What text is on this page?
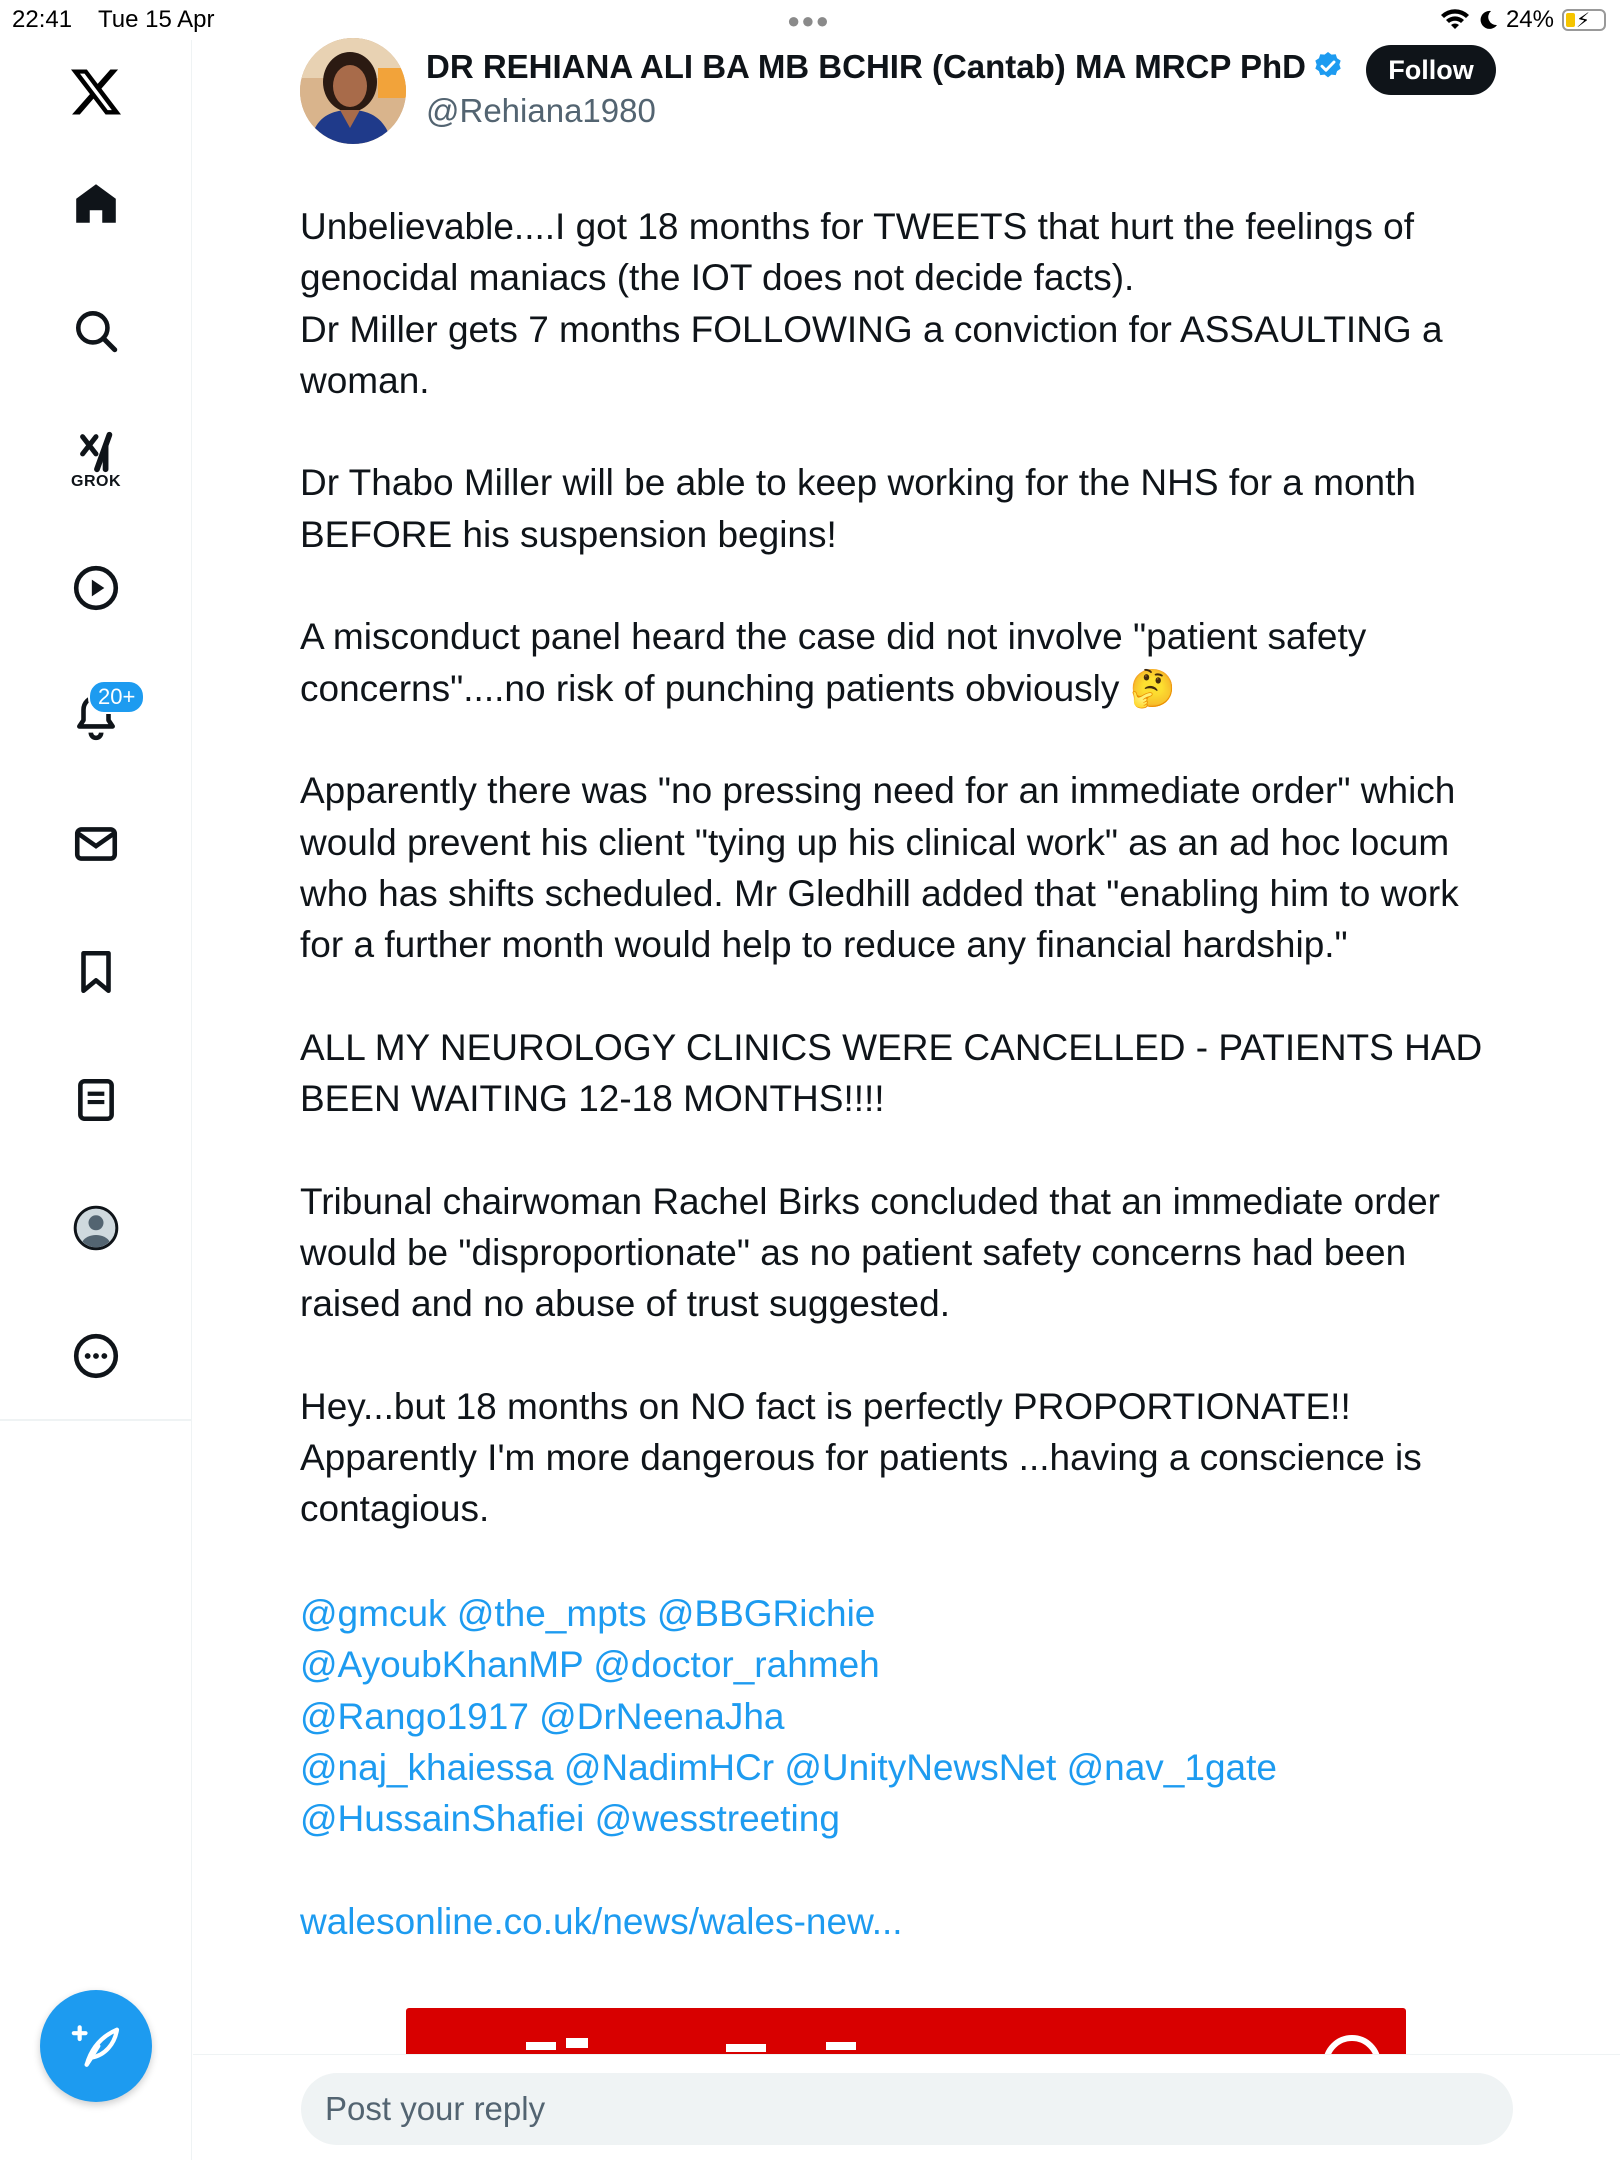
22:41 Tue 15 Apr	●●●	24% ⚡
GROK
20+
DR REHIANA ALI BA MB BCHIR (Cantab) MA MRCP PhD
@Rehiana1980
Follow
Unbelievable....I got 18 months for TWEETS that hurt the feelings of
genocidal maniacs (the IOT does not decide facts).
Dr Miller gets 7 months FOLLOWING a conviction for ASSAULTING a
woman.

Dr Thabo Miller will be able to keep working for the NHS for a month
BEFORE his suspension begins!

A misconduct panel heard the case did not involve "patient safety
concerns"....no risk of punching patients obviously 🤔

Apparently there was "no pressing need for an immediate order" which
would prevent his client "tying up his clinical work" as an ad hoc locum
who has shifts scheduled. Mr Gledhill added that "enabling him to work
for a further month would help to reduce any financial hardship."

ALL MY NEUROLOGY CLINICS WERE CANCELLED - PATIENTS HAD
BEEN WAITING 12-18 MONTHS!!!!

Tribunal chairwoman Rachel Birks concluded that an immediate order
would be "disproportionate" as no patient safety concerns had been
raised and no abuse of trust suggested.

Hey...but 18 months on NO fact is perfectly PROPORTIONATE!!
Apparently I'm more dangerous for patients ...having a conscience is
contagious.
@gmcuk @the_mpts @BBGRichie
@AyoubKhanMP @doctor_rahmeh
@Rango1917 @DrNeenaJha
@naj_khaiessa @NadimHCr @UnityNewsNet @nav_1gate
@HussainShafiei @wesstreeting
walesonline.co.uk/news/wales-new...
Post your reply
